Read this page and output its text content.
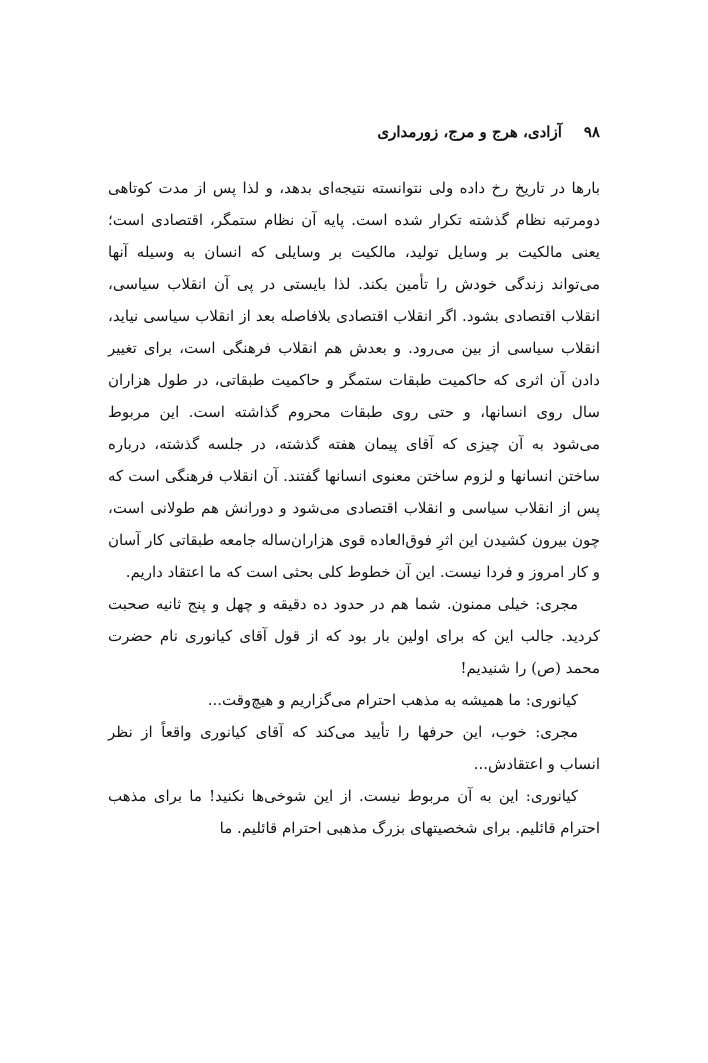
۹۸
آزادی، هرج و مرج، زورمداری

بارها در تاریخ رخ داده ولی نتوانسته نتیجه‌ای بدهد، و لذا پس از مدت کوتاهی دومرتبه نظام گذشته تکرار شده است. پایه آن نظام ستمگر، اقتصادی است؛ یعنی مالکیت بر وسایل تولید، مالکیت بر وسایلی که انسان به وسیله آنها می‌تواند زندگی خودش را تأمین بکند. لذا بایستی در پی آن انقلاب سیاسی، انقلاب اقتصادی بشود. اگر انقلاب اقتصادی بلافاصله بعد از انقلاب سیاسی نیاید، انقلاب سیاسی از بین می‌رود. و بعدش هم انقلاب فرهنگی است، برای تغییر دادن آن اثری که حاکمیت طبقات ستمگر و حاکمیت طبقاتی، در طول هزاران سال روی انسانها، و حتی روی طبقات محروم گذاشته است. این مربوط می‌شود به آن چیزی که آقای پیمان هفته گذشته، در جلسه گذشته، درباره ساختن انسانها و لزوم ساختن معنوی انسانها گفتند. آن انقلاب فرهنگی است که پس از انقلاب سیاسی و انقلاب اقتصادی می‌شود و دورانش هم طولانی است، چون بیرون کشیدن این اثرِ فوق‌العاده قوی هزاران‌ساله جامعه طبقاتی کار آسان و کار امروز و فردا نیست. این آن خطوط کلی بحثی است که ما اعتقاد داریم.

مجری: خیلی ممنون. شما هم در حدود ده دقیقه و چهل و پنج ثانیه صحبت کردید. جالب این که برای اولین بار بود که از قول آقای کیانوری نام حضرت محمد (ص) را شنیدیم!

کیانوری: ما همیشه به مذهب احترام می‌گزاریم و هیچ‌وقت...

مجری: خوب، این حرفها را تأیید می‌کند که آقای کیانوری واقعاً از نظر انساب و اعتقادش...

کیانوری: این به آن مربوط نیست. از این شوخی‌ها نکنید! ما برای مذهب احترام قائلیم. برای شخصیتهای بزرگ مذهبی احترام قائلیم. ما
